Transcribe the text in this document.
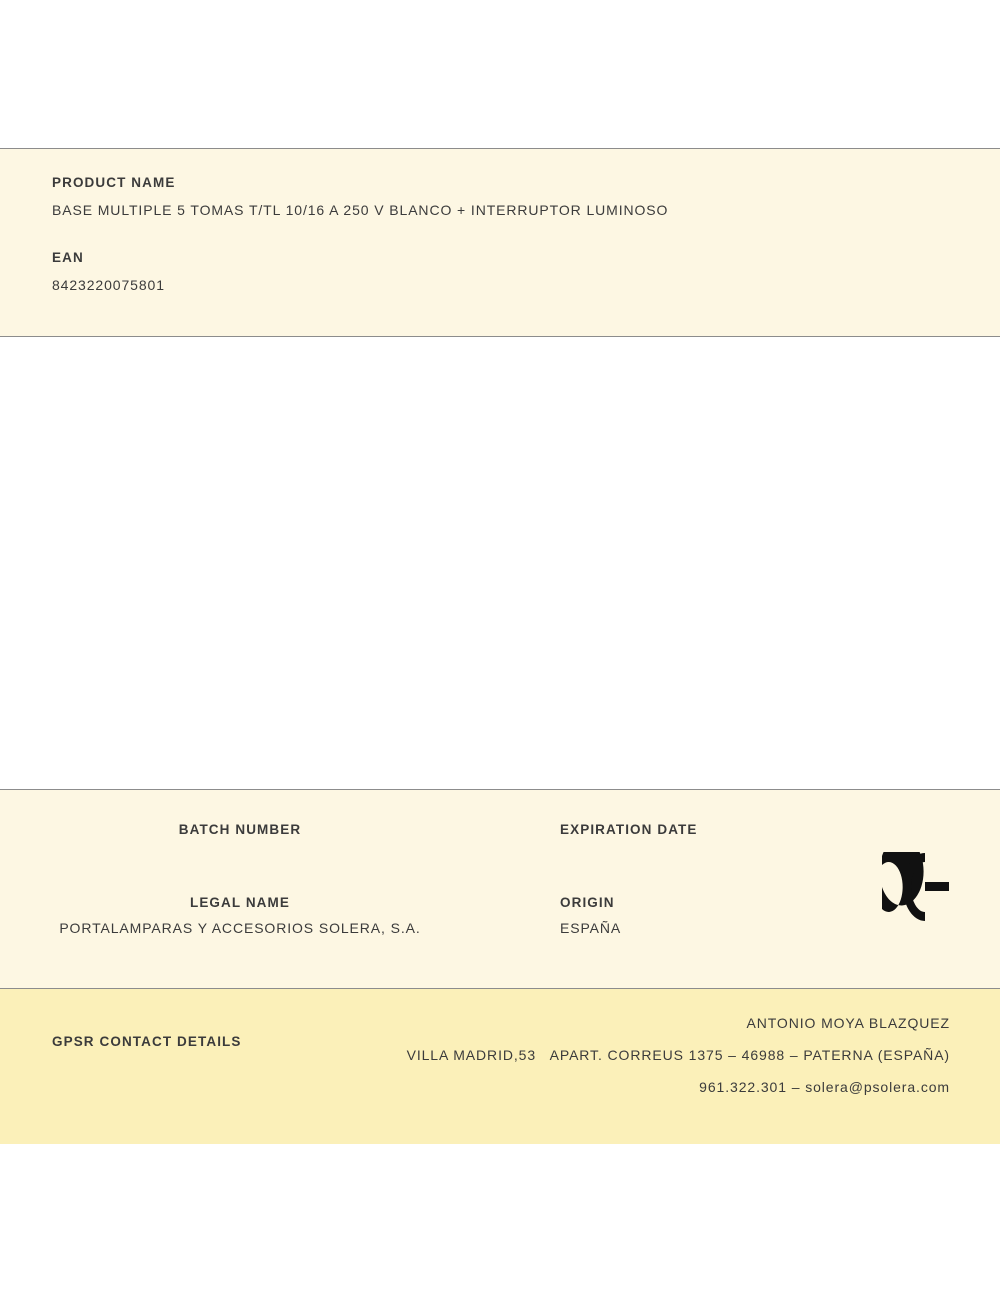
PRODUCT NAME

BASE MULTIPLE 5 TOMAS T/TL 10/16 A 250 V BLANCO + INTERRUPTOR LUMINOSO

EAN

8423220075801

BATCH NUMBER	EXPIRATION DATE

LEGAL NAME

PORTALAMPARAS Y ACCESORIOS SOLERA, S.A.

ORIGIN

ESPAÑA

GPSR CONTACT DETAILS

ANTONIO MOYA BLAZQUEZ

VILLA MADRID,53   APART. CORREUS 1375 – 46988 – PATERNA (ESPAÑA)

961.322.301 – solera@psolera.com
